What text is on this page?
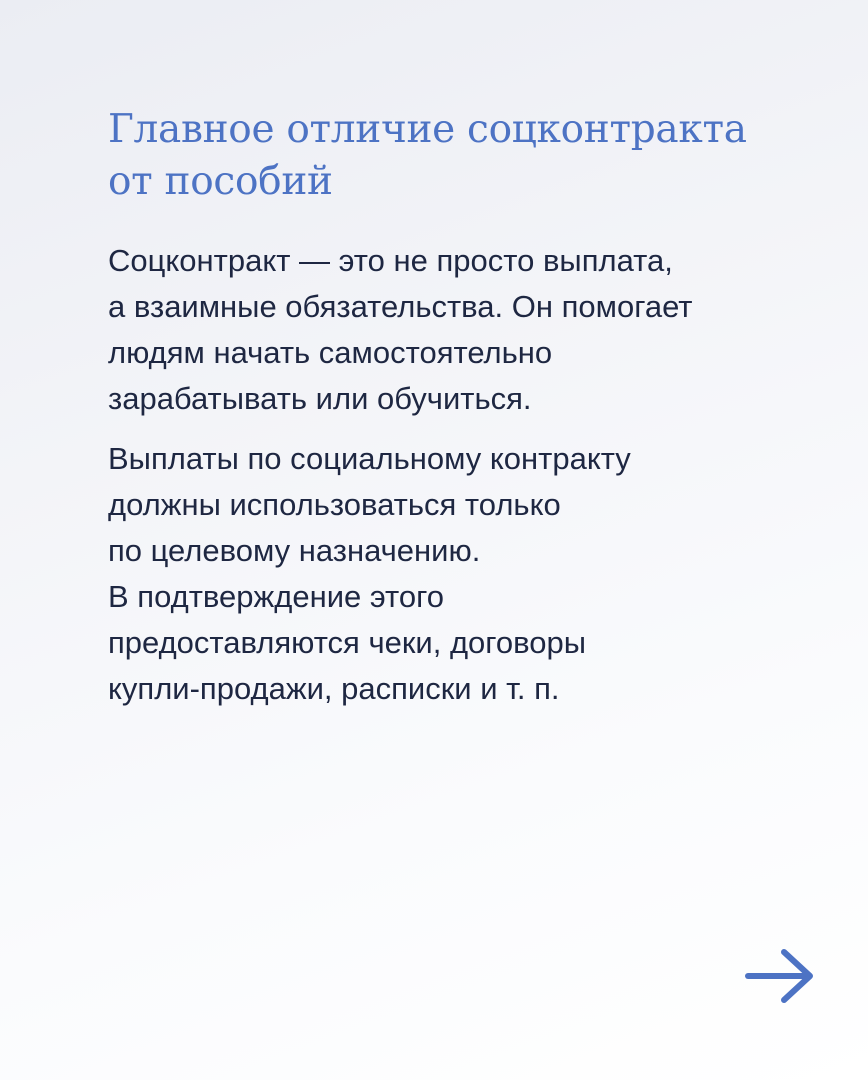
Главное отличие соцконтракта
от пособий

Соцконтракт — это не просто выплата,
а взаимные обязательства. Он помогает
людям начать самостоятельно
зарабатывать или обучиться.

Выплаты по социальному контракту
должны использоваться только
по целевому назначению.
В подтверждение этого
предоставляются чеки, договоры
купли-продажи, расписки и т. п.
